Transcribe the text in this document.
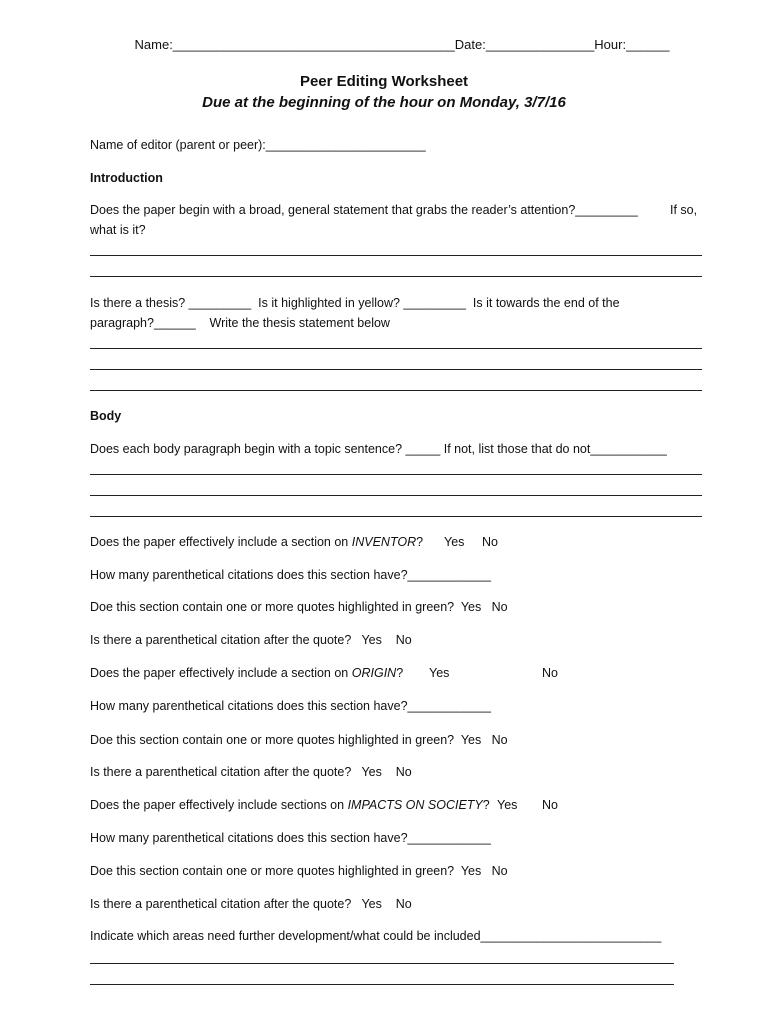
Name:_______________________________________Date:_______________Hour:______
Peer Editing Worksheet
Due at the beginning of the hour on Monday, 3/7/16
Name of editor (parent or peer):_______________________
Introduction
Does the paper begin with a broad, general statement that grabs the reader’s attention?_________	If so,
what is it?
Is there a thesis? _________  Is it highlighted in yellow? _________  Is it towards the end of the
paragraph?______    Write the thesis statement below
Body
Does each body paragraph begin with a topic sentence? _____ If not, list those that do not___________
Does the paper effectively include a section on INVENTOR? Yes No
How many parenthetical citations does this section have?____________
Doe this section contain one or more quotes highlighted in green?  Yes   No
Is there a parenthetical citation after the quote?   Yes    No
Does the paper effectively include a section on ORIGIN? Yes	No
How many parenthetical citations does this section have?____________
Doe this section contain one or more quotes highlighted in green?  Yes   No
Is there a parenthetical citation after the quote?   Yes    No
Does the paper effectively include sections on IMPACTS ON SOCIETY? Yes No
How many parenthetical citations does this section have?____________
Doe this section contain one or more quotes highlighted in green?  Yes   No
Is there a parenthetical citation after the quote?   Yes    No
Indicate which areas need further development/what could be included__________________________
